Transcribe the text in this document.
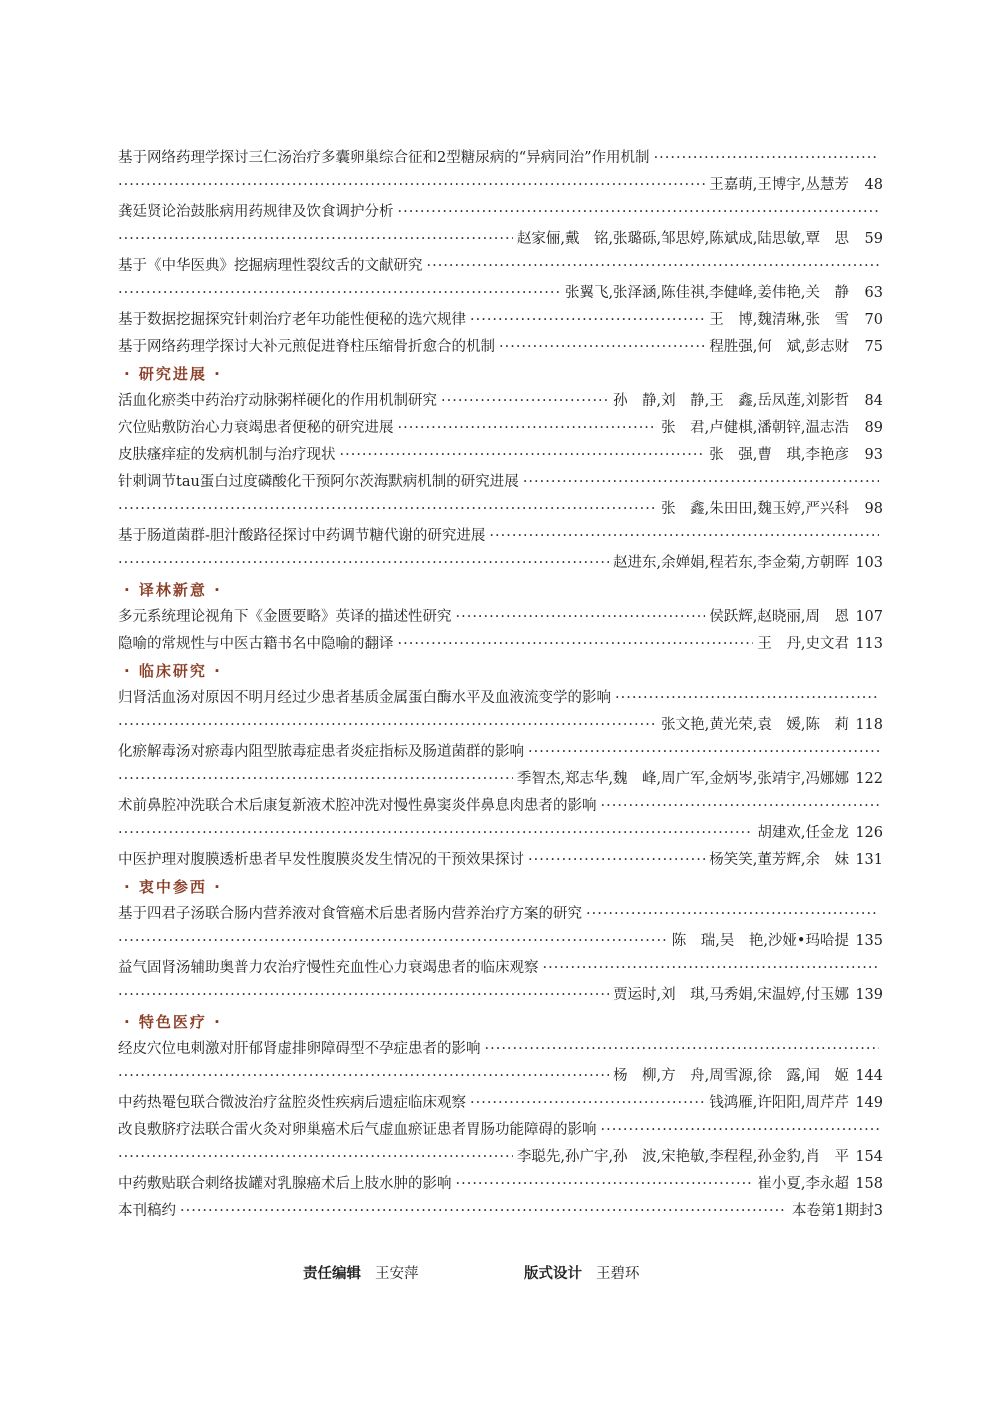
基于网络药理学探讨三仁汤治疗多囊卵巢综合征和2型糖尿病的“异病同治”作用机制
·····
·····
王嘉萌,王博宇,丛慧芳	48
龚廷贤论治鼓胀病用药规律及饮食调护分析
·····
·····
赵家俪,戴　铭,张璐砾,邹思婷,陈斌成,陆思敏,覃　思	59
基于《中华医典》挖掘病理性裂纹舌的文献研究
·····
·····
张翼飞,张泽涵,陈佳祺,李健峰,姜伟艳,关　静	63
基于数据挖掘探究针刺治疗老年功能性便秘的选穴规律 ·····	王　博,魏清琳,张　雪	70
基于网络药理学探讨大补元煎促进脊柱压缩骨折愈合的机制 ·····	程胜强,何　斌,彭志财	75
· 研究进展 ·
活血化瘀类中药治疗动脉粥样硬化的作用机制研究 ·····	孙　静,刘　静,王　鑫,岳凤莲,刘影哲	84
穴位贴敷防治心力衰竭患者便秘的研究进展 ·····	张　君,卢健棋,潘朝锌,温志浩	89
皮肤瘙痒症的发病机制与治疗现状 ·····	张　强,曹　琪,李艳彦	93
针刺调节tau蛋白过度磷酸化干预阿尔茨海默病机制的研究进展
·····
·····
张　鑫,朱田田,魏玉婷,严兴科	98
基于肠道菌群-胆汁酸路径探讨中药调节糖代谢的研究进展
·····
·····
赵进东,余婵娟,程若东,李金菊,方朝晖 103
· 译林新意 ·
多元系统理论视角下《金匮要略》英译的描述性研究 ·····	侯跃辉,赵晓丽,周　恩 107
隐喻的常规性与中医古籍书名中隐喻的翻译 ·····	王　丹,史文君 113
· 临床研究 ·
归肾活血汤对原因不明月经过少患者基质金属蛋白酶水平及血液流变学的影响
·····
·····
张文艳,黄光荣,袁　媛,陈　莉 118
化瘀解毒汤对瘀毒内阻型脓毒症患者炎症指标及肠道菌群的影响
·····
·····
季智杰,郑志华,魏　峰,周广军,金炳岑,张靖宇,冯娜娜 122
术前鼻腔冲洗联合术后康复新液术腔冲洗对慢性鼻窦炎伴鼻息肉患者的影响
·····
·····
胡建欢,任金龙 126
中医护理对腹膜透析患者早发性腹膜炎发生情况的干预效果探讨 ·····	杨笑笑,董芳辉,余　妹 131
· 衷中参西 ·
基于四君子汤联合肠内营养液对食管癌术后患者肠内营养治疗方案的研究
·····
·····
陈　瑞,吴　艳,沙娅•玛哈提 135
益气固肾汤辅助奥普力农治疗慢性充血性心力衰竭患者的临床观察
·····
·····
贾运时,刘　琪,马秀娟,宋温婷,付玉娜 139
· 特色医疗 ·
经皮穴位电刺激对肝郁肾虚排卵障碍型不孕症患者的影响
·····
·····
杨　柳,方　舟,周雪源,徐　露,闻　姬 144
中药热罨包联合微波治疗盆腔炎性疾病后遗症临床观察 ·····	钱鸿雁,许阳阳,周芹芹 149
改良敷脐疗法联合雷火灸对卵巢癌术后气虚血瘀证患者胃肠功能障碍的影响
·····
·····
李聪先,孙广宇,孙　波,宋艳敏,李程程,孙金豹,肖　平 154
中药敷贴联合刺络拔罐对乳腺癌术后上肢水肿的影响 ·····	崔小夏,李永超 158
本刊稿约 ·····	本卷第1期封3
责任编辑 王安萍	版式设计 王碧环
